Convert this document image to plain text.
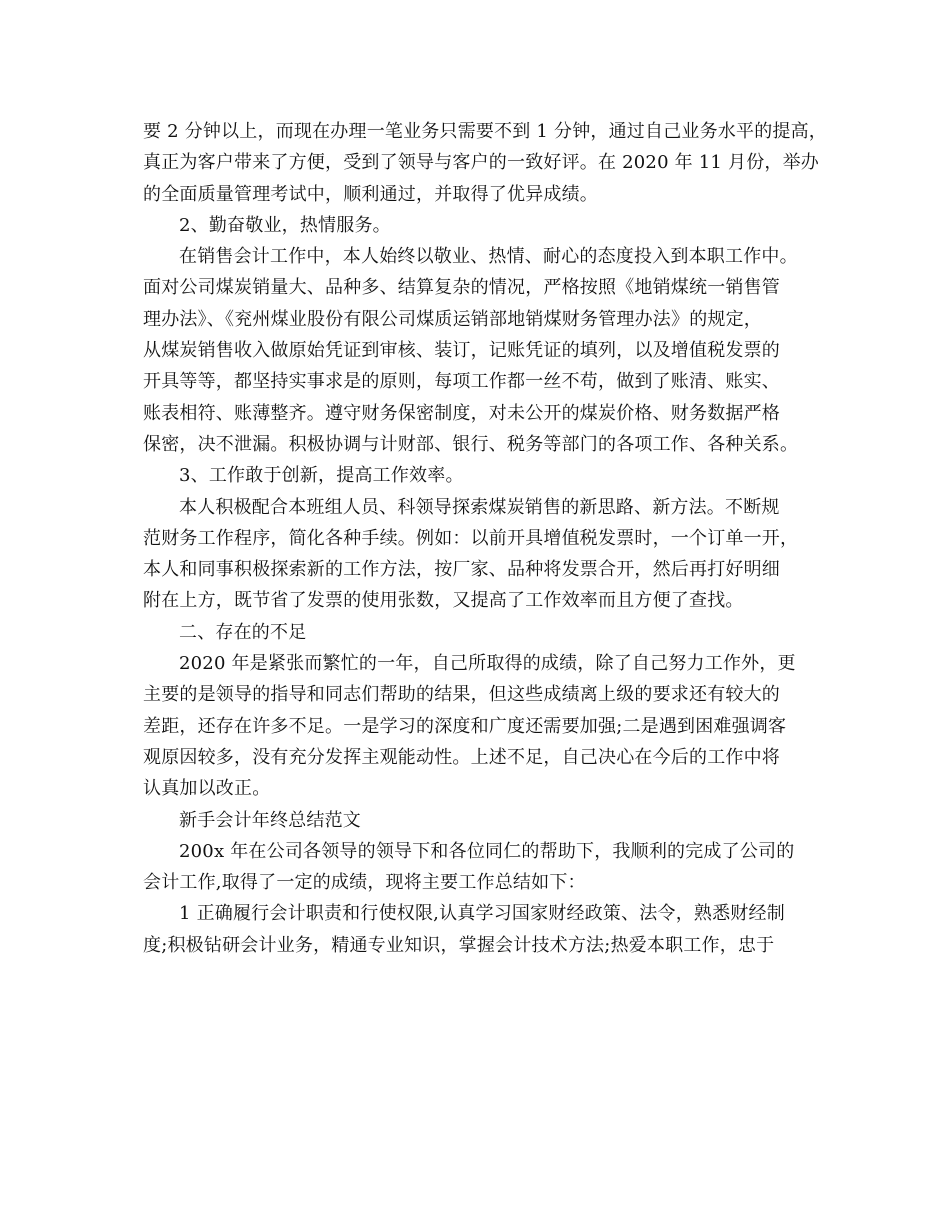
要 2 分钟以上，而现在办理一笔业务只需要不到 1 分钟，通过自己业务水平的提高，
真正为客户带来了方便，受到了领导与客户的一致好评。在 2020 年 11 月份，举办
的全面质量管理考试中，顺利通过，并取得了优异成绩。
2、勤奋敬业，热情服务。
在销售会计工作中，本人始终以敬业、热情、耐心的态度投入到本职工作中。
面对公司煤炭销量大、品种多、结算复杂的情况，严格按照《地销煤统一销售管
理办法》、《兖州煤业股份有限公司煤质运销部地销煤财务管理办法》的规定，
从煤炭销售收入做原始凭证到审核、装订，记账凭证的填列，以及增值税发票的
开具等等，都坚持实事求是的原则，每项工作都一丝不苟，做到了账清、账实、
账表相符、账薄整齐。遵守财务保密制度，对未公开的煤炭价格、财务数据严格
保密，决不泄漏。积极协调与计财部、银行、税务等部门的各项工作、各种关系。
3、工作敢于创新，提高工作效率。
本人积极配合本班组人员、科领导探索煤炭销售的新思路、新方法。不断规
范财务工作程序，简化各种手续。例如：以前开具增值税发票时，一个订单一开，
本人和同事积极探索新的工作方法，按厂家、品种将发票合开，然后再打好明细
附在上方，既节省了发票的使用张数，又提高了工作效率而且方便了查找。
二、存在的不足
2020 年是紧张而繁忙的一年，自己所取得的成绩，除了自己努力工作外，更
主要的是领导的指导和同志们帮助的结果，但这些成绩离上级的要求还有较大的
差距，还存在许多不足。一是学习的深度和广度还需要加强;二是遇到困难强调客
观原因较多，没有充分发挥主观能动性。上述不足，自己决心在今后的工作中将
认真加以改正。
新手会计年终总结范文
200x 年在公司各领导的领导下和各位同仁的帮助下，我顺利的完成了公司的
会计工作,取得了一定的成绩，现将主要工作总结如下：
1 正确履行会计职责和行使权限,认真学习国家财经政策、法令，熟悉财经制
度;积极钻研会计业务，精通专业知识，掌握会计技术方法;热爱本职工作，忠于
